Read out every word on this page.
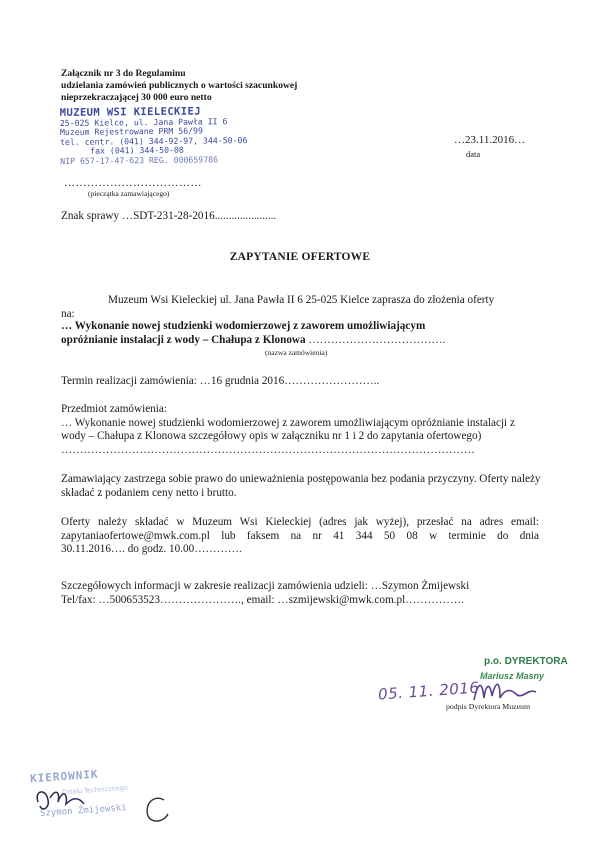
Załącznik nr 3 do Regulaminu
udzielania zamówień publicznych o wartości szacunkowej
nieprzekraczającej 30 000 euro netto
MUZEUM WSI KIELECKIEJ
25-025 Kielce, ul. Jana Pawła II 6
Muzeum Rejestrowane PRM 56/99
tel. centr. (041) 344-92-97, 344-50-06
fax (041) 344-50-08
NIP 657-17-47-623 REG. 000659786
…23.11.2016…
data
………………………………
(pieczątka zamawiającego)
Znak sprawy …SDT-231-28-2016......................
ZAPYTANIE OFERTOWE
Muzeum Wsi Kieleckiej ul. Jana Pawła II 6 25-025 Kielce zaprasza do złożenia oferty
na:
… Wykonanie nowej studzienki wodomierzowej z zaworem umożliwiającym
opróżnianie instalacji z wody – Chałupa z Klonowa ……………………………….
(nazwa zamówienia)
Termin realizacji zamówienia: …16 grudnia 2016……………………..
Przedmiot zamówienia:
… Wykonanie nowej studzienki wodomierzowej z zaworem umożliwiającym opróżnianie instalacji z wody – Chałupa z Klonowa szczegółowy opis w załączniku nr 1 i 2 do zapytania ofertowego)
…………………………………………………………………………………………………
Zamawiający zastrzega sobie prawo do unieważnienia postępowania bez podania przyczyny. Oferty należy składać z podaniem ceny netto i brutto.
Oferty należy składać w Muzeum Wsi Kieleckiej (adres jak wyżej), przesłać na adres email:
zapytaniaofertowe@mwk.com.pl lub faksem na nr 41 344 50 08 w terminie do dnia
30.11.2016…. do godz. 10.00………….
Szczegółowych informacji w zakresie realizacji zamówienia udzieli: …Szymon Żmijewski
Tel/fax: …500653523…………………., email: …szmijewski@mwk.com.pl…………….
p.o. DYREKTORA
Mariusz Masny
05. 11. 2016
podpis Dyrektora Muzeum
KIEROWNIK
Działu Technicznego
Szymon Żmijewski
